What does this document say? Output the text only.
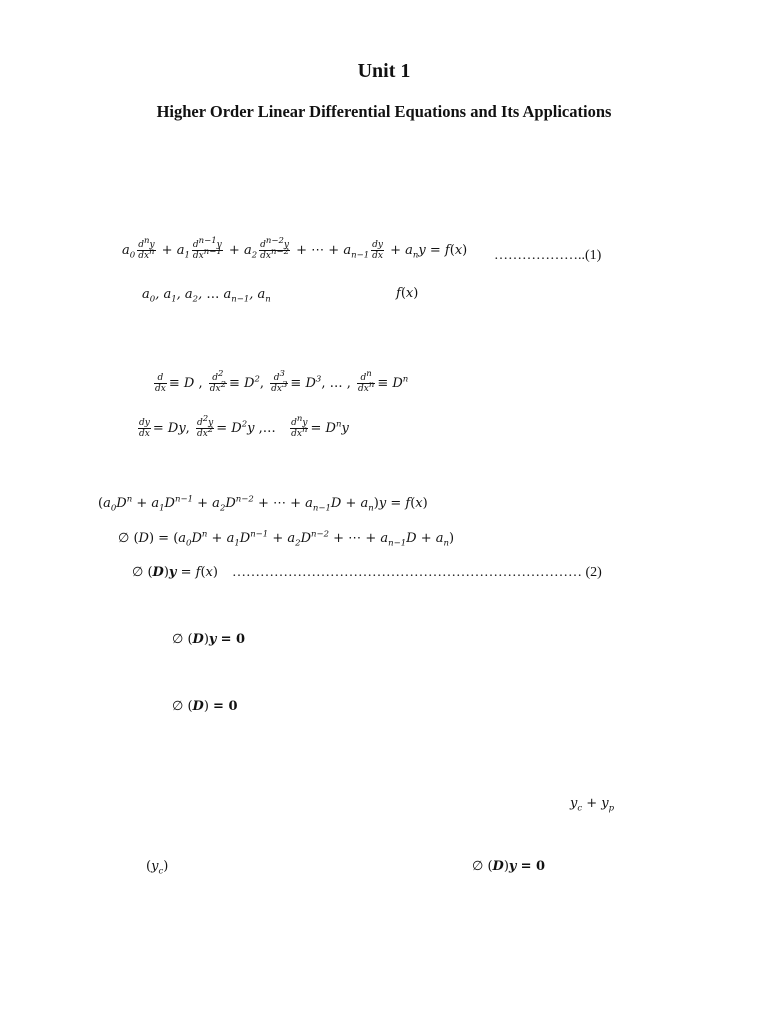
Unit 1
Higher Order Linear Differential Equations and Its Applications
$a_0 \frac{d^ny}{dx^n} + a_1 \frac{d^{n-1}y}{dx^{n-1}} + a_2 \frac{d^{n-2}y}{dx^{n-2}}$ + ⋯ + $a_{n-1} \frac{dy}{dx} + a_ny = f(x)$ ………………..(1)
$a_0$, $a_1$, $a_2$, … $a_{n-1}$, $a_n$	f(x)
$\frac{d}{dx} \equiv D$ , $\frac{d^2}{dx^2} \equiv D^2$, $\frac{d^3}{dx^3} \equiv D^3$, … , $\frac{d^n}{dx^n} \equiv D^n$
$\frac{dy}{dx} = Dy$, $\frac{d^2y}{dx^2} = D^2y$ ,… $\frac{d^ny}{dx^n} = D^ny$
($a_0D^n + a_1D^{n-1} + a_2D^{n-2}$ + ⋯ + $a_{n-1}D + a_n)y = f(x)$
∅ $(D) = (a_0D^n + a_1D^{n-1} + a_2D^{n-2}$ + ⋯ + $a_{n-1}D + a_n$)
∅ (D)y = f(x) ………………………………………………………………… (2)
∅ (D)y = 0
∅ (D) = 0
$y_c + y_p$
$(y_c)$	∅ (D)y = 0
